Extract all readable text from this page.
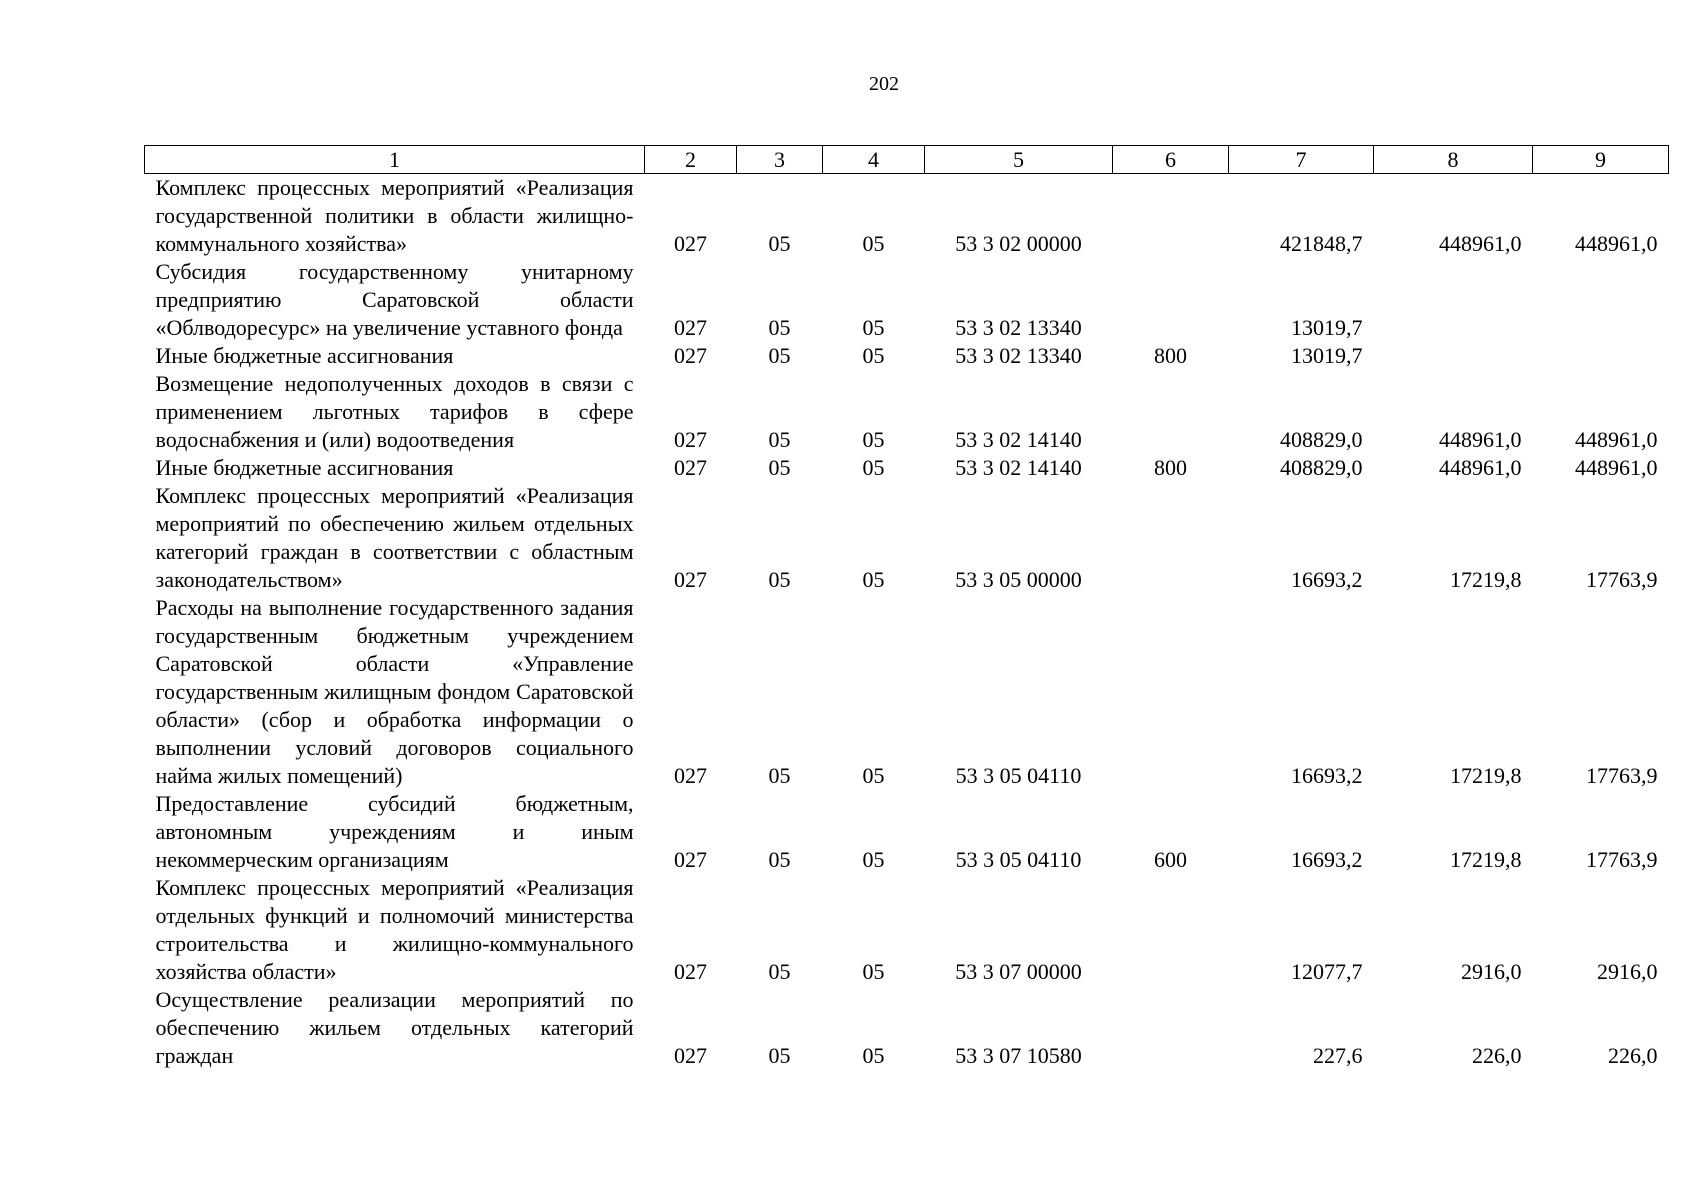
202
1	2	3	4	5	6	7	8	9
Комплекс процессных мероприятий «Реализация государственной политики в области жилищно-коммунального хозяйства»	027	05	05	53 3 02 00000		421848,7	448961,0	448961,0
Субсидия государственному унитарному предприятию Саратовской области «Облводоресурс» на увеличение уставного фонда	027	05	05	53 3 02 13340		13019,7		
Иные бюджетные ассигнования	027	05	05	53 3 02 13340	800	13019,7		
Возмещение недополученных доходов в связи с применением льготных тарифов в сфере водоснабжения и (или) водоотведения	027	05	05	53 3 02 14140		408829,0	448961,0	448961,0
Иные бюджетные ассигнования	027	05	05	53 3 02 14140	800	408829,0	448961,0	448961,0
Комплекс процессных мероприятий «Реализация мероприятий по обеспечению жильем отдельных категорий граждан в соответствии с областным законодательством»	027	05	05	53 3 05 00000		16693,2	17219,8	17763,9
Расходы на выполнение государственного задания государственным бюджетным учреждением Саратовской области «Управление государственным жилищным фондом Саратовской области» (сбор и обработка информации о выполнении условий договоров социального найма жилых помещений)	027	05	05	53 3 05 04110		16693,2	17219,8	17763,9
Предоставление субсидий бюджетным, автономным учреждениям и иным некоммерческим организациям	027	05	05	53 3 05 04110	600	16693,2	17219,8	17763,9
Комплекс процессных мероприятий «Реализация отдельных функций и полномочий министерства строительства и жилищно-коммунального хозяйства области»	027	05	05	53 3 07 00000		12077,7	2916,0	2916,0
Осуществление реализации мероприятий по обеспечению жильем отдельных категорий граждан	027	05	05	53 3 07 10580		227,6	226,0	226,0
